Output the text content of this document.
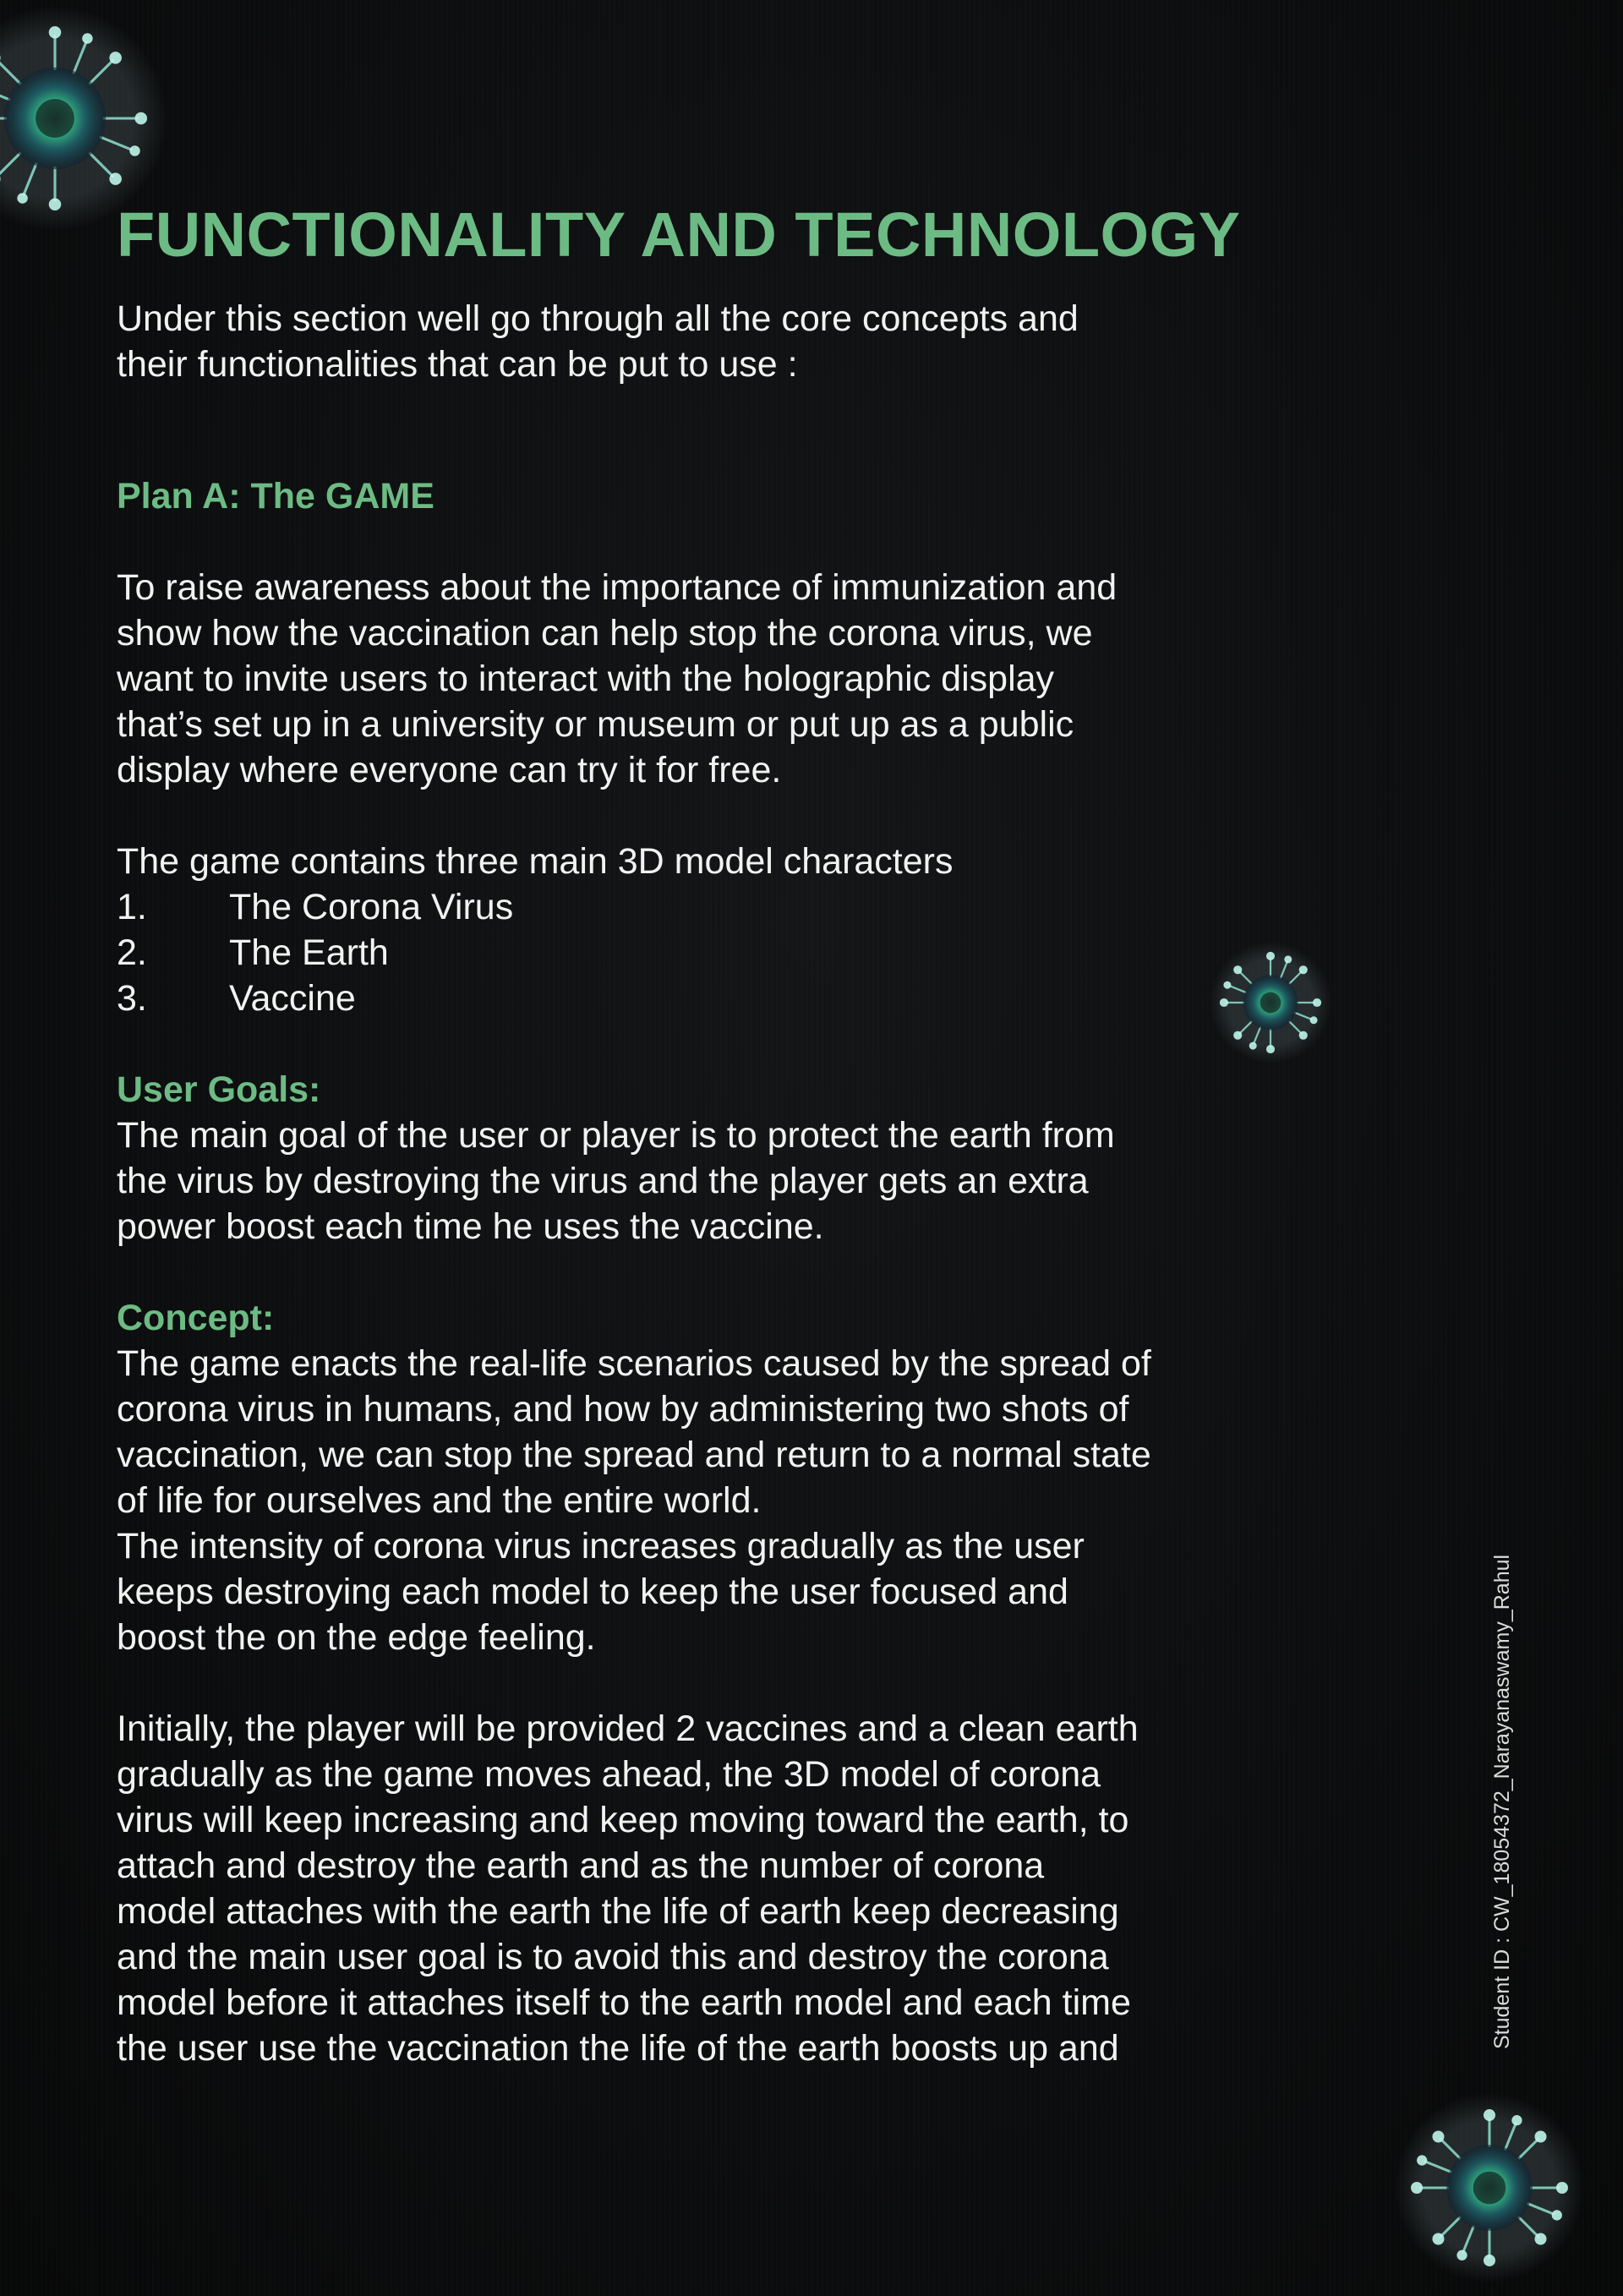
FUNCTIONALITY AND TECHNOLOGY

Under this section well go through all the core concepts and
their functionalities that can be put to use :

Plan A: The GAME

To raise awareness about the importance of immunization and
show how the vaccination can help stop the corona virus, we
want to invite users to interact with the holographic display
that’s set up in a university or museum or put up as a public
display where everyone can try it for free.

The game contains three main 3D model characters

1.	The Corona Virus
2.	The Earth
3.	Vaccine
User Goals:

The main goal of the user or player is to protect the earth from
the virus by destroying the virus and the player gets an extra
power boost each time he uses the vaccine.

Concept:

The game enacts the real-life scenarios caused by the spread of
corona virus in humans, and how by administering two shots of
vaccination, we can stop the spread and return to a normal state
of life for ourselves and the entire world.
The intensity of corona virus increases gradually as the user
keeps destroying each model to keep the user focused and
boost the on the edge feeling.

Initially, the player will be provided 2 vaccines and a clean earth
gradually as the game moves ahead, the 3D model of corona
virus will keep increasing and keep moving toward the earth, to
attach and destroy the earth and as the number of corona
model attaches with the earth the life of earth keep decreasing
and the main user goal is to avoid this and destroy the corona
model before it attaches itself to the earth model and each time
the user use the vaccination the life of the earth boosts up and	Student ID : CW_18054372_Narayanaswamy_Rahul
